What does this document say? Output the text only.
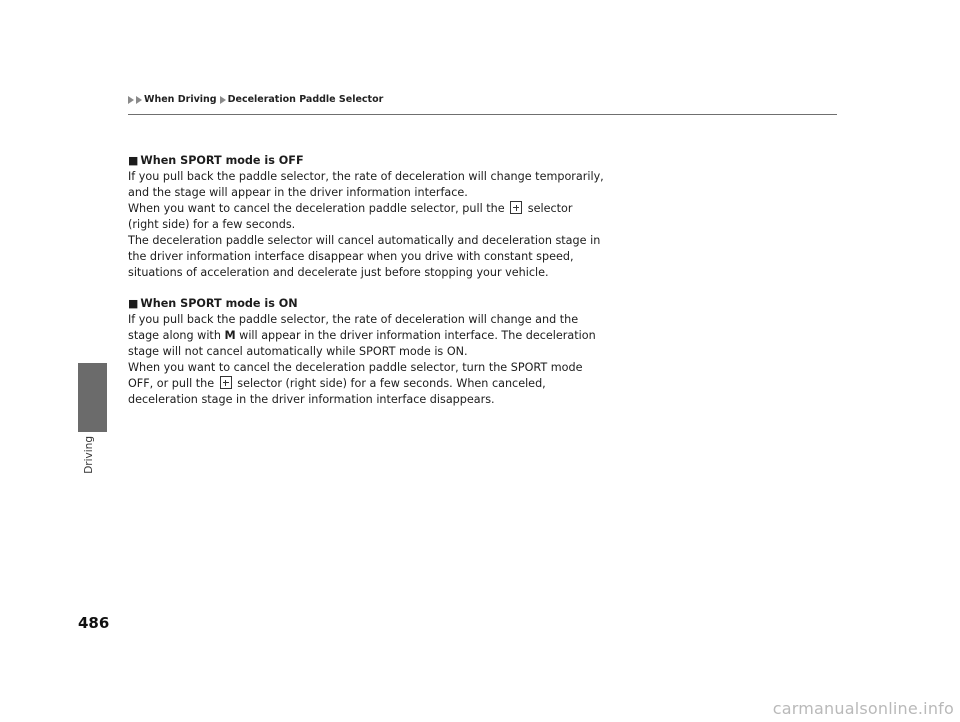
When Driving Deceleration Paddle Selector
Driving

■ When SPORT mode is OFF

If you pull back the paddle selector, the rate of deceleration will change temporarily,

and the stage will appear in the driver information interface.

When you want to cancel the deceleration paddle selector, pull the selector

(right side) for a few seconds.

The deceleration paddle selector will cancel automatically and deceleration stage in

the driver information interface disappear when you drive with constant speed,

situations of acceleration and decelerate just before stopping your vehicle.

■ When SPORT mode is ON

If you pull back the paddle selector, the rate of deceleration will change and the

stage along with M will appear in the driver information interface. The deceleration

stage will not cancel automatically while SPORT mode is ON.

When you want to cancel the deceleration paddle selector, turn the SPORT mode

OFF, or pull the selector (right side) for a few seconds. When canceled,

deceleration stage in the driver information interface disappears.

486
carmanualsonline.info
